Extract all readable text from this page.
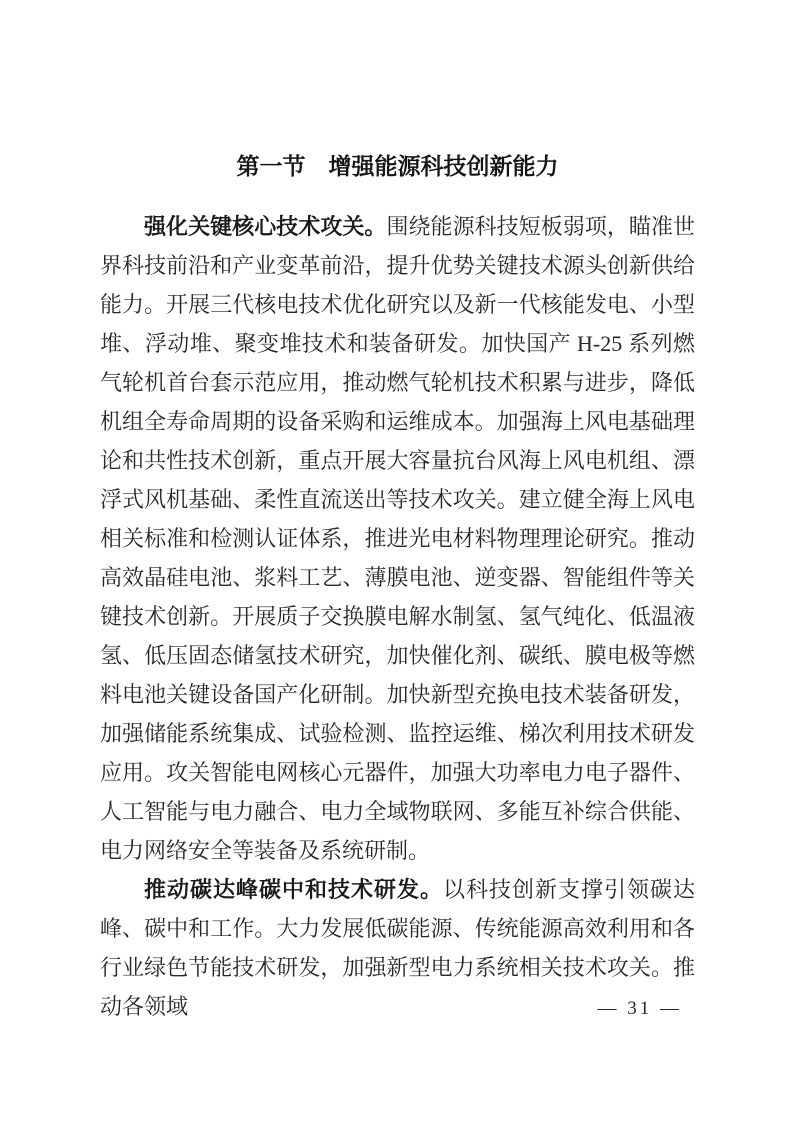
第一节　增强能源科技创新能力

强化关键核心技术攻关。围绕能源科技短板弱项，瞄准世界科技前沿和产业变革前沿，提升优势关键技术源头创新供给能力。开展三代核电技术优化研究以及新一代核能发电、小型堆、浮动堆、聚变堆技术和装备研发。加快国产 H-25 系列燃气轮机首台套示范应用，推动燃气轮机技术积累与进步，降低机组全寿命周期的设备采购和运维成本。加强海上风电基础理论和共性技术创新，重点开展大容量抗台风海上风电机组、漂浮式风机基础、柔性直流送出等技术攻关。建立健全海上风电相关标准和检测认证体系，推进光电材料物理理论研究。推动高效晶硅电池、浆料工艺、薄膜电池、逆变器、智能组件等关键技术创新。开展质子交换膜电解水制氢、氢气纯化、低温液氢、低压固态储氢技术研究，加快催化剂、碳纸、膜电极等燃料电池关键设备国产化研制。加快新型充换电技术装备研发，加强储能系统集成、试验检测、监控运维、梯次利用技术研发应用。攻关智能电网核心元器件，加强大功率电力电子器件、人工智能与电力融合、电力全域物联网、多能互补综合供能、电力网络安全等装备及系统研制。

推动碳达峰碳中和技术研发。以科技创新支撑引领碳达峰、碳中和工作。大力发展低碳能源、传统能源高效利用和各行业绿色节能技术研发，加强新型电力系统相关技术攻关。推动各领域	— 31 —
